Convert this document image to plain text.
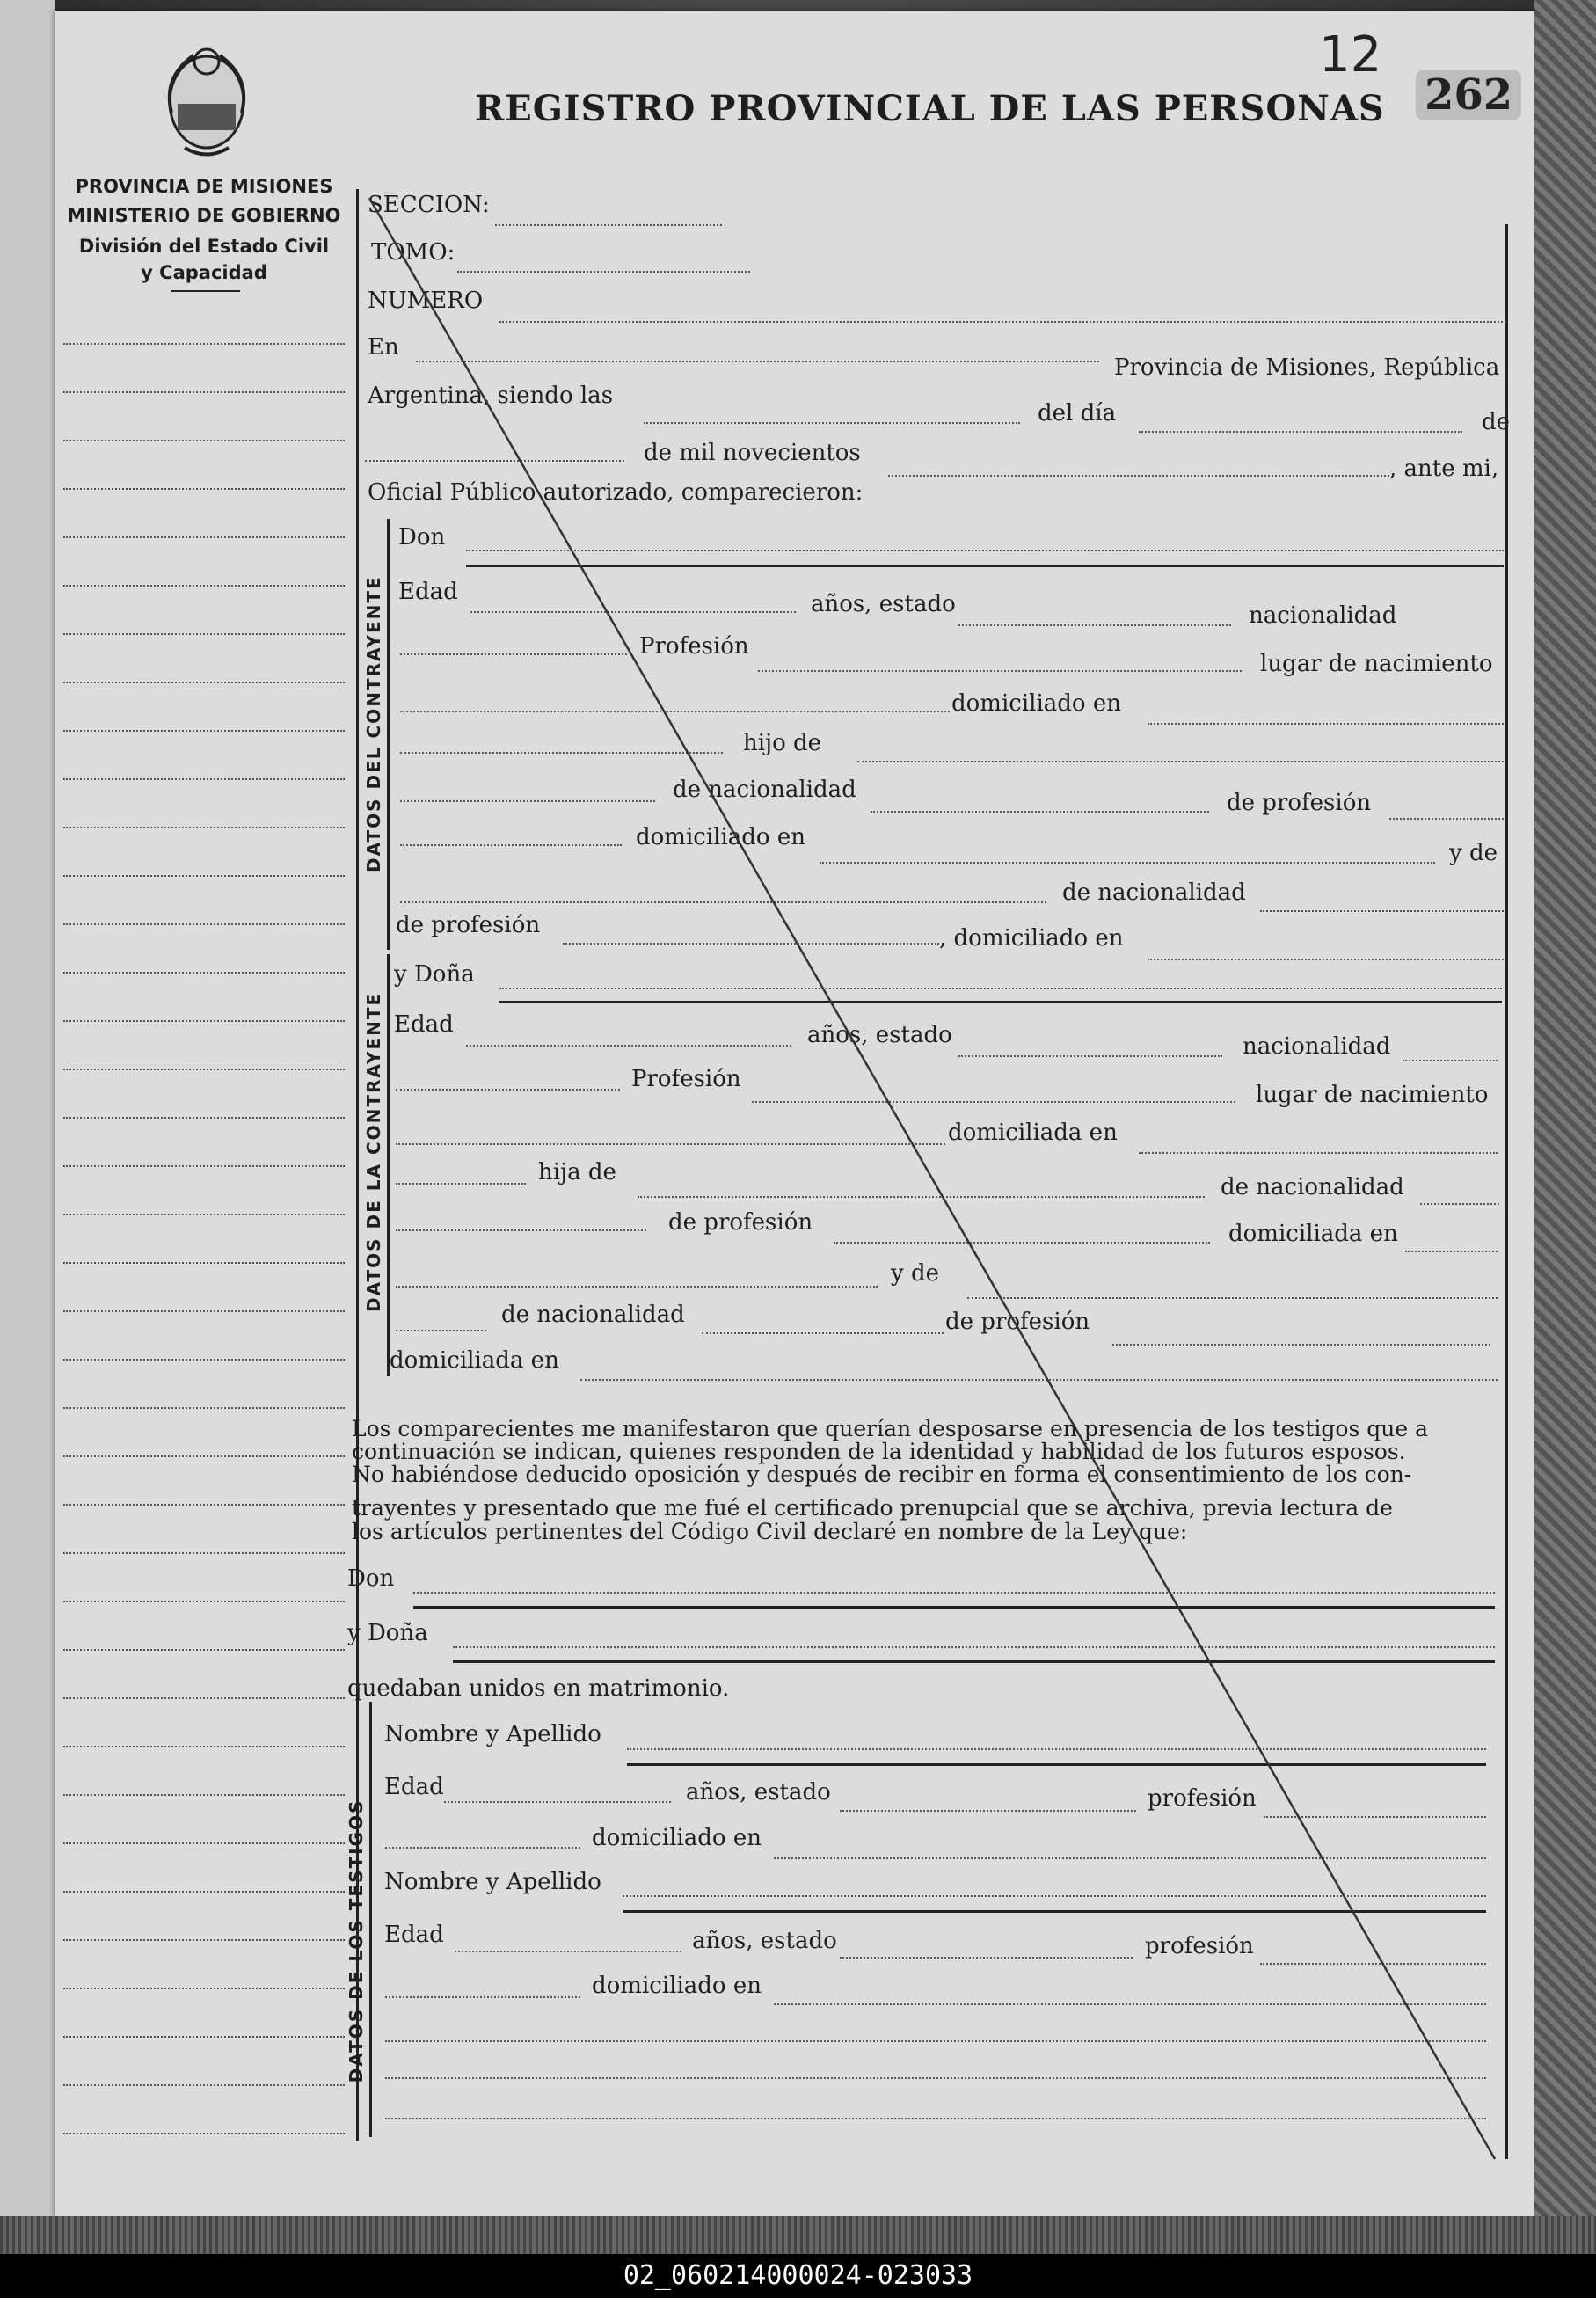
REGISTRO PROVINCIAL DE LAS PERSONAS
12
262
PROVINCIA DE MISIONES
MINISTERIO DE GOBIERNO
División del Estado Civil
y Capacidad
DATOS DEL CONTRAYENTE
DATOS DE LA CONTRAYENTE
DATOS DE LOS TESTIGOS
SECCION:
TOMO:
NUMERO
En
Provincia de Misiones, República
Argentina, siendo las
del día	de
de mil novecientos
, ante mi,
Oficial Público autorizado, comparecieron:
Don
Edad	años, estado	nacionalidad
Profesión
lugar de nacimiento
domiciliado en
hijo de
de nacionalidad	de profesión
domiciliado en
y de
de nacionalidad
de profesión	, domiciliado en
y Doña
Edad	años, estado	nacionalidad
Profesión
lugar de nacimiento
domiciliada en
hija de
de nacionalidad
de profesión	domiciliada en
y de
de nacionalidad	de profesión
domiciliada en
Los comparecientes me manifestaron que querían desposarse en presencia de los testigos que a
continuación se indican, quienes responden de la identidad y habilidad de los futuros esposos.
No habiéndose deducido oposición y después de recibir en forma el consentimiento de los con-
trayentes y presentado que me fué el certificado prenupcial que se archiva, previa lectura de
los artículos pertinentes del Código Civil declaré en nombre de la Ley que:
Don
y Doña
quedaban unidos en matrimonio.
Nombre y Apellido
Edad	años, estado	profesión
domiciliado en
Nombre y Apellido
Edad	años, estado	profesión
domiciliado en
02_060214000024-023033
